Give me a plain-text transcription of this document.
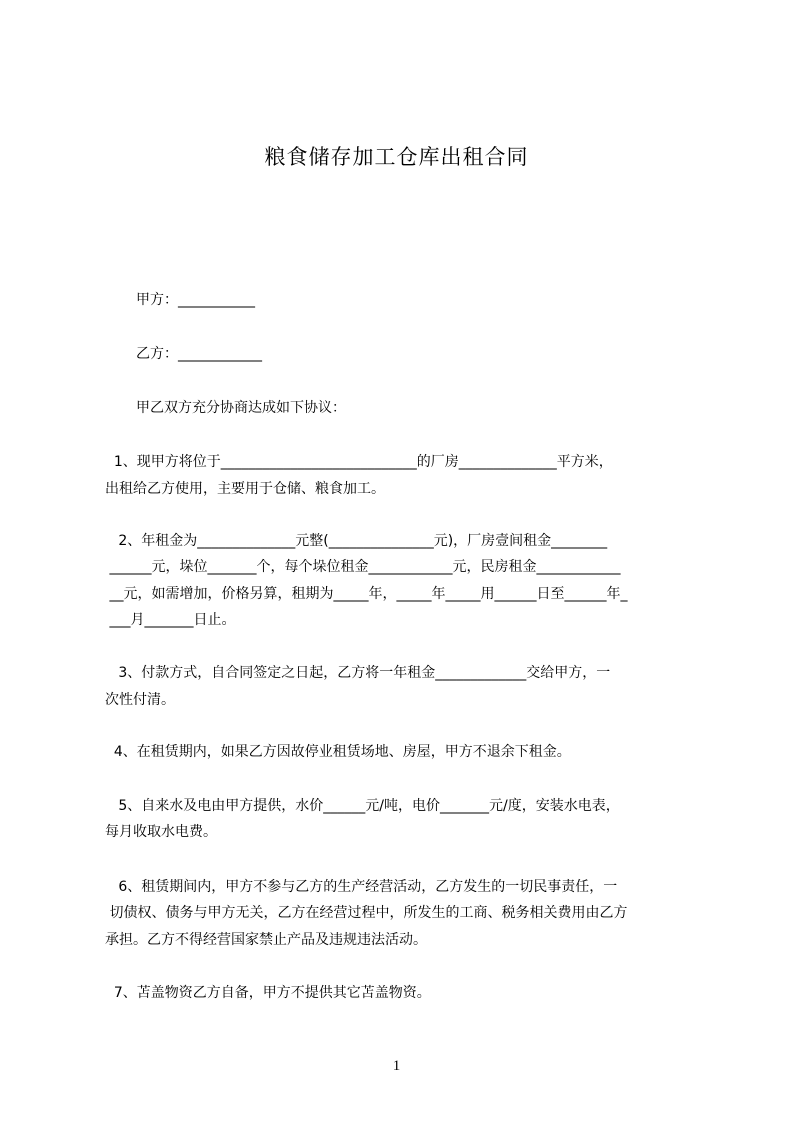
粮食储存加工仓库出租合同
甲方：___________
乙方：____________
甲乙双方充分协商达成如下协议：
1、现甲方将位于____________________________的厂房______________平方米，
出租给乙方使用，主要用于仓储、粮食加工。
2、年租金为______________元整(_______________元)，厂房壹间租金________
______元，垛位_______个，每个垛位租金____________元，民房租金____________
__元，如需增加，价格另算，租期为_____年，_____年_____用______日至______年_
___月_______日止。
3、付款方式，自合同签定之日起，乙方将一年租金_____________交给甲方，一
次性付清。
4、在租赁期内，如果乙方因故停业租赁场地、房屋，甲方不退余下租金。
5、自来水及电由甲方提供，水价______元/吨，电价_______元/度，安装水电表，
每月收取水电费。
6、租赁期间内，甲方不参与乙方的生产经营活动，乙方发生的一切民事责任，一
切债权、债务与甲方无关，乙方在经营过程中，所发生的工商、税务相关费用由乙方
承担。乙方不得经营国家禁止产品及违规违法活动。
7、苫盖物资乙方自备，甲方不提供其它苫盖物资。
1
